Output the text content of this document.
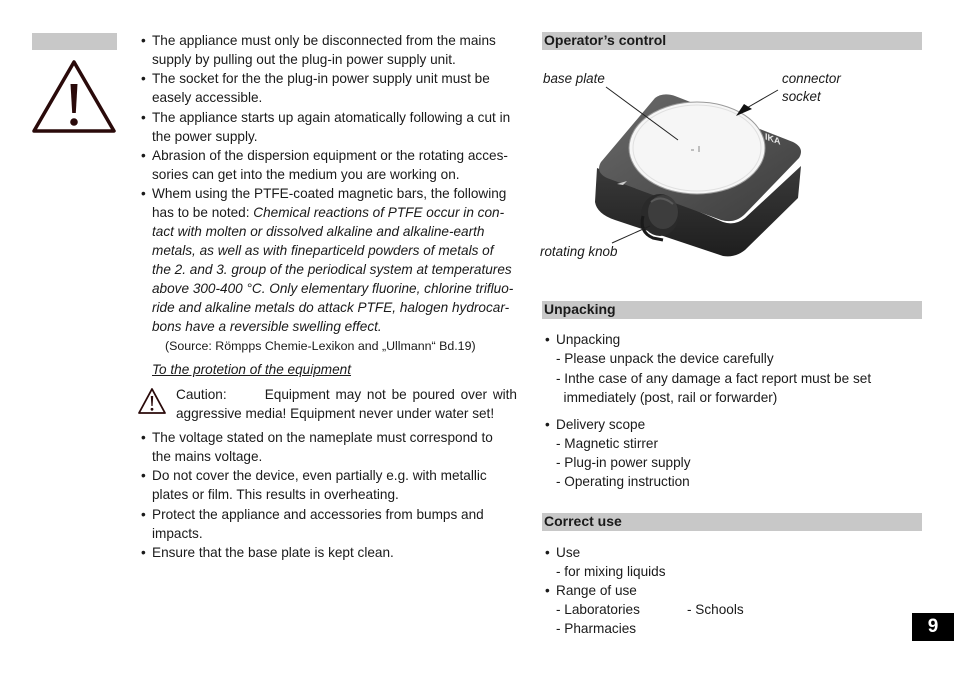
• The appliance must only be disconnected from the mains
supply by pulling out the plug-in power supply unit.
• The socket for the the plug-in power supply unit must be
easely accessible.
• The appliance starts up again atomatically following a cut in
the power supply.
• Abrasion of the dispersion equipment or the rotating acces-
sories can get into the medium you are working on.
• Whem using the PTFE-coated magnetic bars, the following
has to be noted: Chemical reactions of PTFE occur in con-
tact with molten or dissolved alkaline and alkaline-earth
metals, as well as with fineparticeld powders of metals of
the 2. and 3. group of the periodical system at temperatures
above 300-400 °C. Only elementary fluorine, chlorine trifluo-
ride and alkaline metals do attack PTFE, halogen hydrocar-
bons have a reversible swelling effect.
(Source: Römpps Chemie-Lexikon and „Ullmann“ Bd.19)
To the protetion of the equipment
Caution:	Equipment may not be poured over with
aggressive media! Equipment never under water set!
• The voltage stated on the nameplate must correspond to
the mains voltage.
• Do not cover the device, even partially e.g. with metallic
plates or film. This results in overheating.
• Protect the appliance and accessories from bumps and
impacts.
• Ensure that the base plate is kept clean.
Operator’s control
IKA
base plate	connector
socket
rotating knob
Unpacking
• Unpacking
- Please unpack the device carefully
- Inthe case of any damage a fact report must be set
immediately (post, rail or forwarder)
• Delivery scope
- Magnetic stirrer
- Plug-in power supply
- Operating instruction
Correct use
• Use
- for mixing liquids
• Range of use
- Laboratories	- Schools
- Pharmacies	9
